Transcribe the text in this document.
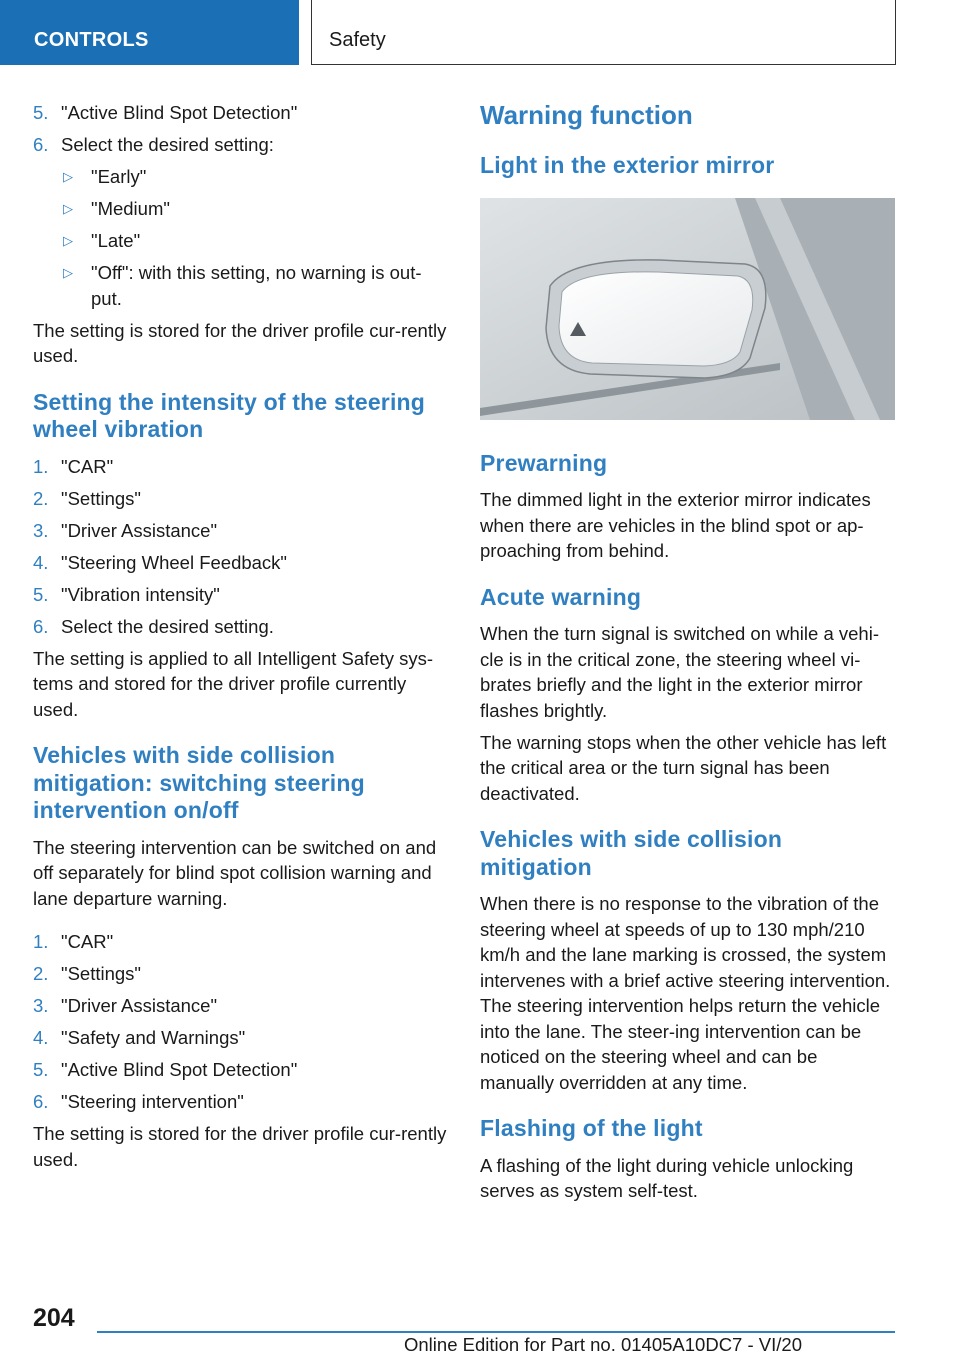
CONTROLS	Safety
5. "Active Blind Spot Detection"
6. Select the desired setting:
▷ "Early"
▷ "Medium"
▷ "Late"
▷ "Off": with this setting, no warning is out-put.
The setting is stored for the driver profile cur-rently used.
Setting the intensity of the steering wheel vibration
1. "CAR"
2. "Settings"
3. "Driver Assistance"
4. "Steering Wheel Feedback"
5. "Vibration intensity"
6. Select the desired setting.
The setting is applied to all Intelligent Safety sys-tems and stored for the driver profile currently used.
Vehicles with side collision mitigation: switching steering intervention on/off
The steering intervention can be switched on and off separately for blind spot collision warning and lane departure warning.
1. "CAR"
2. "Settings"
3. "Driver Assistance"
4. "Safety and Warnings"
5. "Active Blind Spot Detection"
6. "Steering intervention"
The setting is stored for the driver profile cur-rently used.
Warning function
Light in the exterior mirror
Prewarning
The dimmed light in the exterior mirror indicates when there are vehicles in the blind spot or ap-proaching from behind.
Acute warning
When the turn signal is switched on while a vehi-cle is in the critical zone, the steering wheel vi-brates briefly and the light in the exterior mirror flashes brightly.
The warning stops when the other vehicle has left the critical area or the turn signal has been deactivated.
Vehicles with side collision mitigation
When there is no response to the vibration of the steering wheel at speeds of up to 130 mph/210 km/h and the lane marking is crossed, the system intervenes with a brief active steering intervention. The steering intervention helps return the vehicle into the lane. The steer-ing intervention can be noticed on the steering wheel and can be manually overridden at any time.
Flashing of the light
A flashing of the light during vehicle unlocking serves as system self-test.
204
Online Edition for Part no. 01405A10DC7 - VI/20
